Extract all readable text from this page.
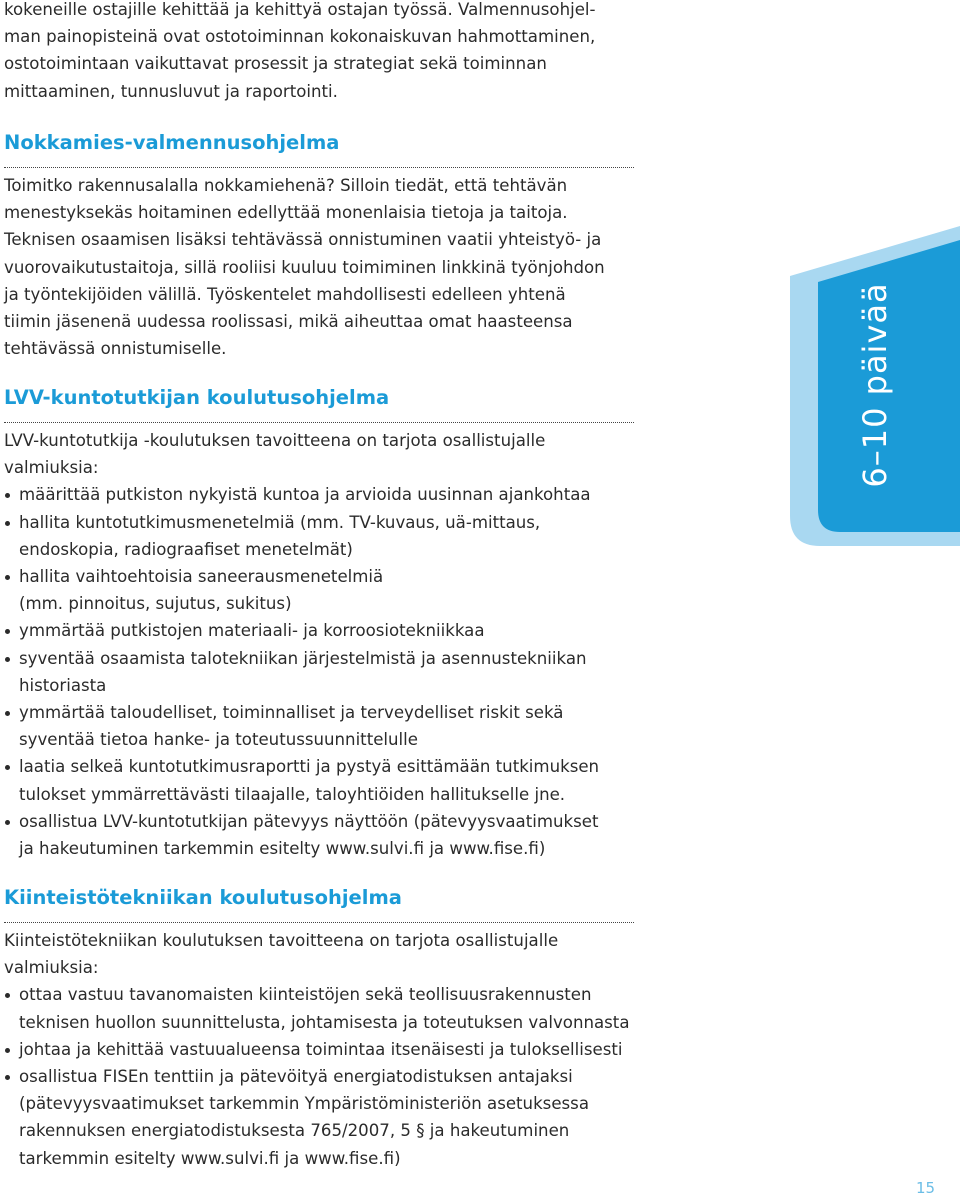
kokeneille ostajille kehittää ja kehittyä ostajan työssä. Valmennusohjel-

man painopisteinä ovat ostotoiminnan kokonaiskuvan hahmottaminen,

ostotoimintaan vaikuttavat prosessit ja strategiat sekä toiminnan

mittaaminen, tunnusluvut ja raportointi.

Nokkamies-valmennusohjelma

Toimitko rakennusalalla nokkamiehenä? Silloin tiedät, että tehtävän

menestyksekäs hoitaminen edellyttää monenlaisia tietoja ja taitoja.

Teknisen osaamisen lisäksi tehtävässä onnistuminen vaatii yhteistyö- ja

vuorovaikutustaitoja, sillä rooliisi kuuluu toimiminen linkkinä työnjohdon

ja työntekijöiden välillä. Työskentelet mahdollisesti edelleen yhtenä

tiimin jäsenenä uudessa roolissasi, mikä aiheuttaa omat haasteensa

tehtävässä onnistumiselle.

LVV-kuntotutkijan koulutusohjelma

LVV-kuntotutkija -koulutuksen tavoitteena on tarjota osallistujalle

valmiuksia:

määrittää putkiston nykyistä kuntoa ja arvioida uusinnan ajankohtaa
hallita kuntotutkimusmenetelmiä (mm. TV-kuvaus, uä-mittaus,
endoskopia, radiograafiset menetelmät)
hallita vaihtoehtoisia saneerausmenetelmiä
(mm. pinnoitus, sujutus, sukitus)
ymmärtää putkistojen materiaali- ja korroosiotekniikkaa
syventää osaamista talotekniikan järjestelmistä ja asennustekniikan
historiasta
ymmärtää taloudelliset, toiminnalliset ja terveydelliset riskit sekä
syventää tietoa hanke- ja toteutussuunnittelulle
laatia selkeä kuntotutkimusraportti ja pystyä esittämään tutkimuksen
tulokset ymmärrettävästi tilaajalle, taloyhtiöiden hallitukselle jne.
osallistua LVV-kuntotutkijan pätevyys näyttöön (pätevyysvaatimukset
ja hakeutuminen tarkemmin esitelty www.sulvi.fi ja www.fise.fi)
Kiinteistötekniikan koulutusohjelma

Kiinteistötekniikan koulutuksen tavoitteena on tarjota osallistujalle

valmiuksia:

ottaa vastuu tavanomaisten kiinteistöjen sekä teollisuusrakennusten
teknisen huollon suunnittelusta, johtamisesta ja toteutuksen valvonnasta
johtaa ja kehittää vastuualueensa toimintaa itsenäisesti ja tuloksellisesti
osallistua FISEn tenttiin ja pätevöityä energiatodistuksen antajaksi
(pätevyysvaatimukset tarkemmin Ympäristöministeriön asetuksessa
rakennuksen energiatodistuksesta 765/2007, 5 § ja hakeutuminen
tarkemmin esitelty www.sulvi.fi ja www.fise.fi)
6–10 päivää
15
